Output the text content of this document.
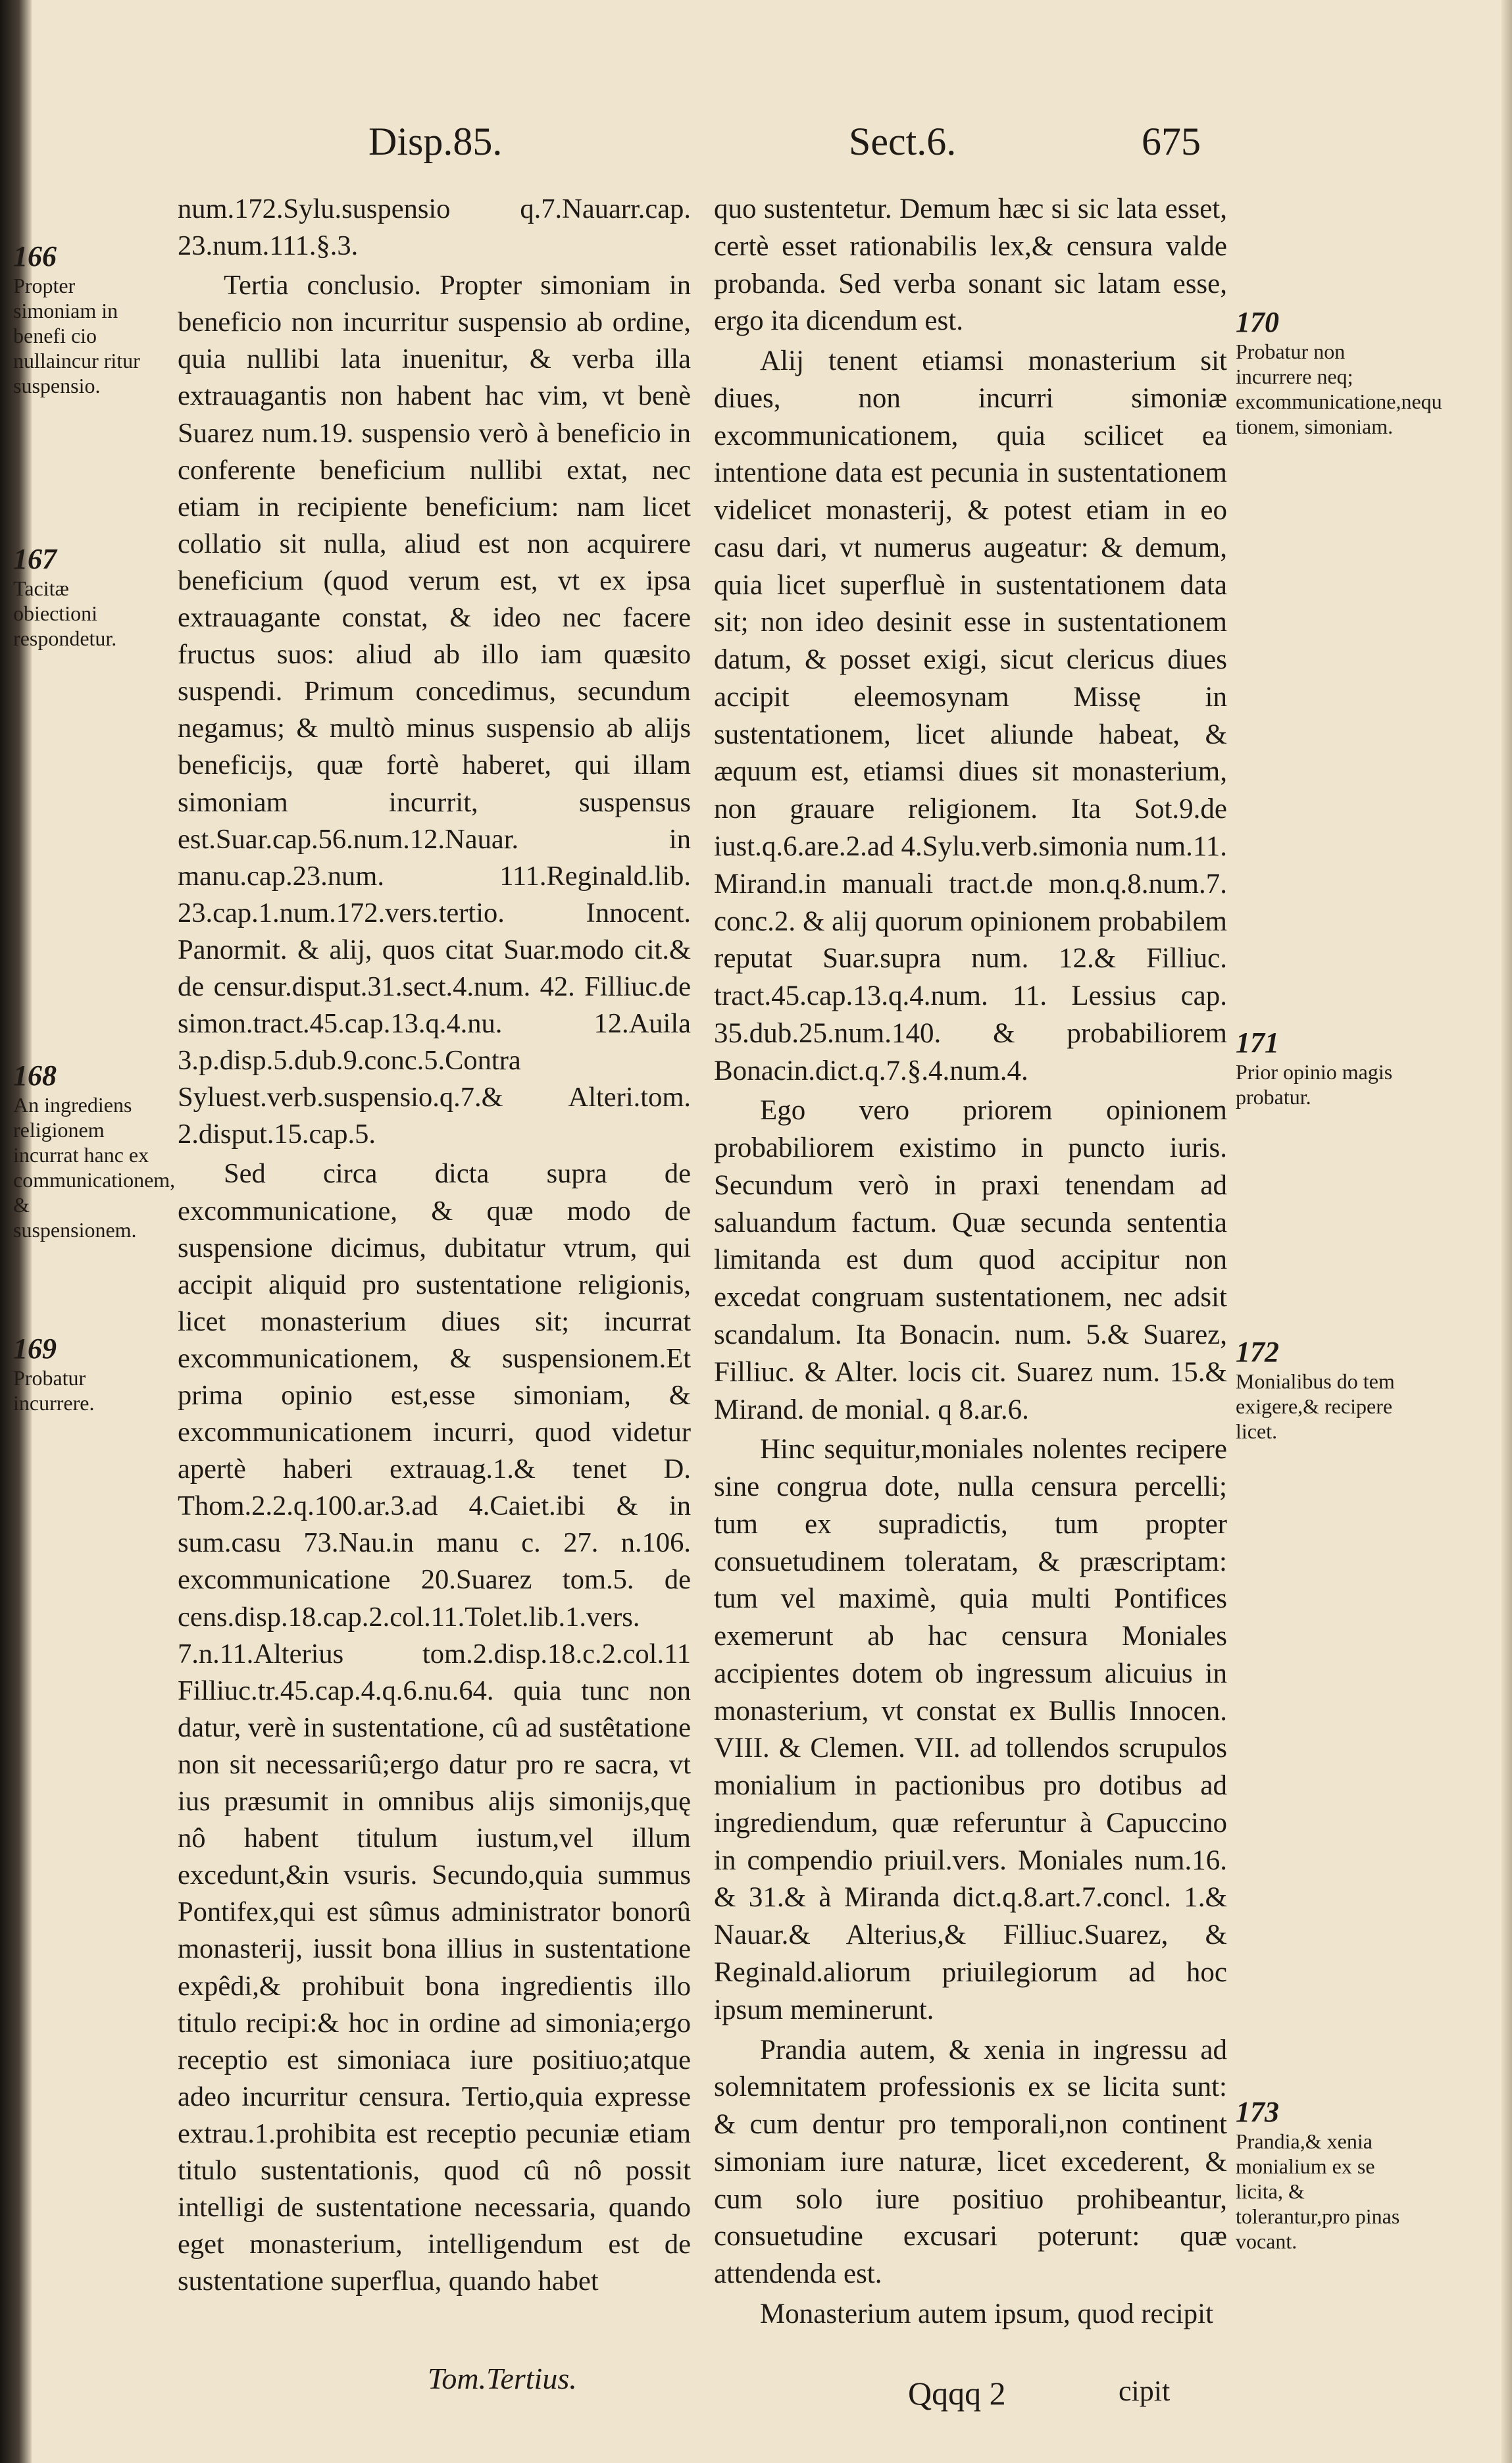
Disp.85.	Sect.6.	675
166
Propter simoniam in benefi cio nullaincur ritur suspensio.
167
Tacitæ obiectioni respondetur.
168
An ingrediens religionem incurrat hanc ex communicationem, & suspensionem.
169
Probatur incurrere.

num.172.Sylu.suspensio q.7.Nauarr.cap. 23.num.111.§.3.

Tertia conclusio. Propter simoniam in beneficio non incurritur suspensio ab ordine, quia nullibi lata inuenitur, & verba illa extrauagantis non habent hac vim, vt benè Suarez num.19. suspensio verò à beneficio in conferente beneficium nullibi extat, nec etiam in recipiente beneficium: nam licet collatio sit nulla, aliud est non acquirere beneficium (quod verum est, vt ex ipsa extrauagante constat, & ideo nec facere fructus suos: aliud ab illo iam quæsito suspendi. Primum concedimus, secundum negamus; & multò minus suspensio ab alijs beneficijs, quæ fortè haberet, qui illam simoniam incurrit, suspensus est.Suar.cap.56.num.12.Nauar. in manu.cap.23.num. 111.Reginald.lib. 23.cap.1.num.172.vers.tertio. Innocent. Panormit. & alij, quos citat Suar.modo cit.& de censur.disput.31.sect.4.num. 42. Filliuc.de simon.tract.45.cap.13.q.4.nu. 12.Auila 3.p.disp.5.dub.9.conc.5.Contra Syluest.verb.suspensio.q.7.& Alteri.tom. 2.disput.15.cap.5.

Sed circa dicta supra de excommunicatione, & quæ modo de suspensione dicimus, dubitatur vtrum, qui accipit aliquid pro sustentatione religionis, licet monasterium diues sit; incurrat excommunicationem, & suspensionem.Et prima opinio est,esse simoniam, & excommunicationem incurri, quod videtur apertè haberi extrauag.1.& tenet D. Thom.2.2.q.100.ar.3.ad 4.Caiet.ibi & in sum.casu 73.Nau.in manu c. 27. n.106. excommunicatione 20.Suarez tom.5. de cens.disp.18.cap.2.col.11.Tolet.lib.1.vers. 7.n.11.Alterius tom.2.disp.18.c.2.col.11 Filliuc.tr.45.cap.4.q.6.nu.64. quia tunc non datur, verè in sustentatione, cû ad sustêtatione non sit necessariû;ergo datur pro re sacra, vt ius præsumit in omnibus alijs simonijs,quę nô habent titulum iustum,vel illum excedunt,&in vsuris. Secundo,quia summus Pontifex,qui est sûmus administrator bonorû monasterij, iussit bona illius in sustentatione expêdi,& prohibuit bona ingredientis illo titulo recipi:& hoc in ordine ad simonia;ergo receptio est simoniaca iure positiuo;atque adeo incurritur censura. Tertio,quia expresse extrau.1.prohibita est receptio pecuniæ etiam titulo sustentationis, quod cû nô possit intelligi de sustentatione necessaria, quando eget monasterium, intelligendum est de sustentatione superflua, quando habet

Tom.Tertius.

quo sustentetur. Demum hæc si sic lata esset, certè esset rationabilis lex,& censura valde probanda. Sed verba sonant sic latam esse, ergo ita dicendum est.

Alij tenent etiamsi monasterium sit diues, non incurri simoniæ excommunicationem, quia scilicet ea intentione data est pecunia in sustentationem videlicet monasterij, & potest etiam in eo casu dari, vt numerus augeatur: & demum, quia licet superfluè in sustentationem data sit; non ideo desinit esse in sustentationem datum, & posset exigi, sicut clericus diues accipit eleemosynam Missę in sustentationem, licet aliunde habeat, & æquum est, etiamsi diues sit monasterium, non grauare religionem. Ita Sot.9.de iust.q.6.are.2.ad 4.Sylu.verb.simonia num.11. Mirand.in manuali tract.de mon.q.8.num.7. conc.2. & alij quorum opinionem probabilem reputat Suar.supra num. 12.& Filliuc. tract.45.cap.13.q.4.num. 11. Lessius cap. 35.dub.25.num.140. & probabiliorem Bonacin.dict.q.7.§.4.num.4.

Ego vero priorem opinionem probabiliorem existimo in puncto iuris. Secundum verò in praxi tenendam ad saluandum factum. Quæ secunda sententia limitanda est dum quod accipitur non excedat congruam sustentationem, nec adsit scandalum. Ita Bonacin. num. 5.& Suarez, Filliuc. & Alter. locis cit. Suarez num. 15.& Mirand. de monial. q 8.ar.6.

Hinc sequitur,moniales nolentes recipere sine congrua dote, nulla censura percelli; tum ex supradictis, tum propter consuetudinem toleratam, & præscriptam: tum vel maximè, quia multi Pontifices exemerunt ab hac censura Moniales accipientes dotem ob ingressum alicuius in monasterium, vt constat ex Bullis Innocen. VIII. & Clemen. VII. ad tollendos scrupulos monialium in pactionibus pro dotibus ad ingrediendum, quæ referuntur à Capuccino in compendio priuil.vers. Moniales num.16. & 31.& à Miranda dict.q.8.art.7.concl. 1.& Nauar.& Alterius,& Filliuc.Suarez, & Reginald.aliorum priuilegiorum ad hoc ipsum meminerunt.

Prandia autem, & xenia in ingressu ad solemnitatem professionis ex se licita sunt: & cum dentur pro temporali,non continent simoniam iure naturæ, licet excederent, & cum solo iure positiuo prohibeantur, consuetudine excusari poterunt: quæ attendenda est.

Monasterium autem ipsum, quod recipit

Qqqq 2	cipit
170
Probatur non incurrere neq; excommunicatione,nequ tionem, simoniam.
171
Prior opinio magis probatur.
172
Monialibus do tem exigere,& recipere licet.
173
Prandia,& xenia monialium ex se licita, & tolerantur,pro pinas vocant.
